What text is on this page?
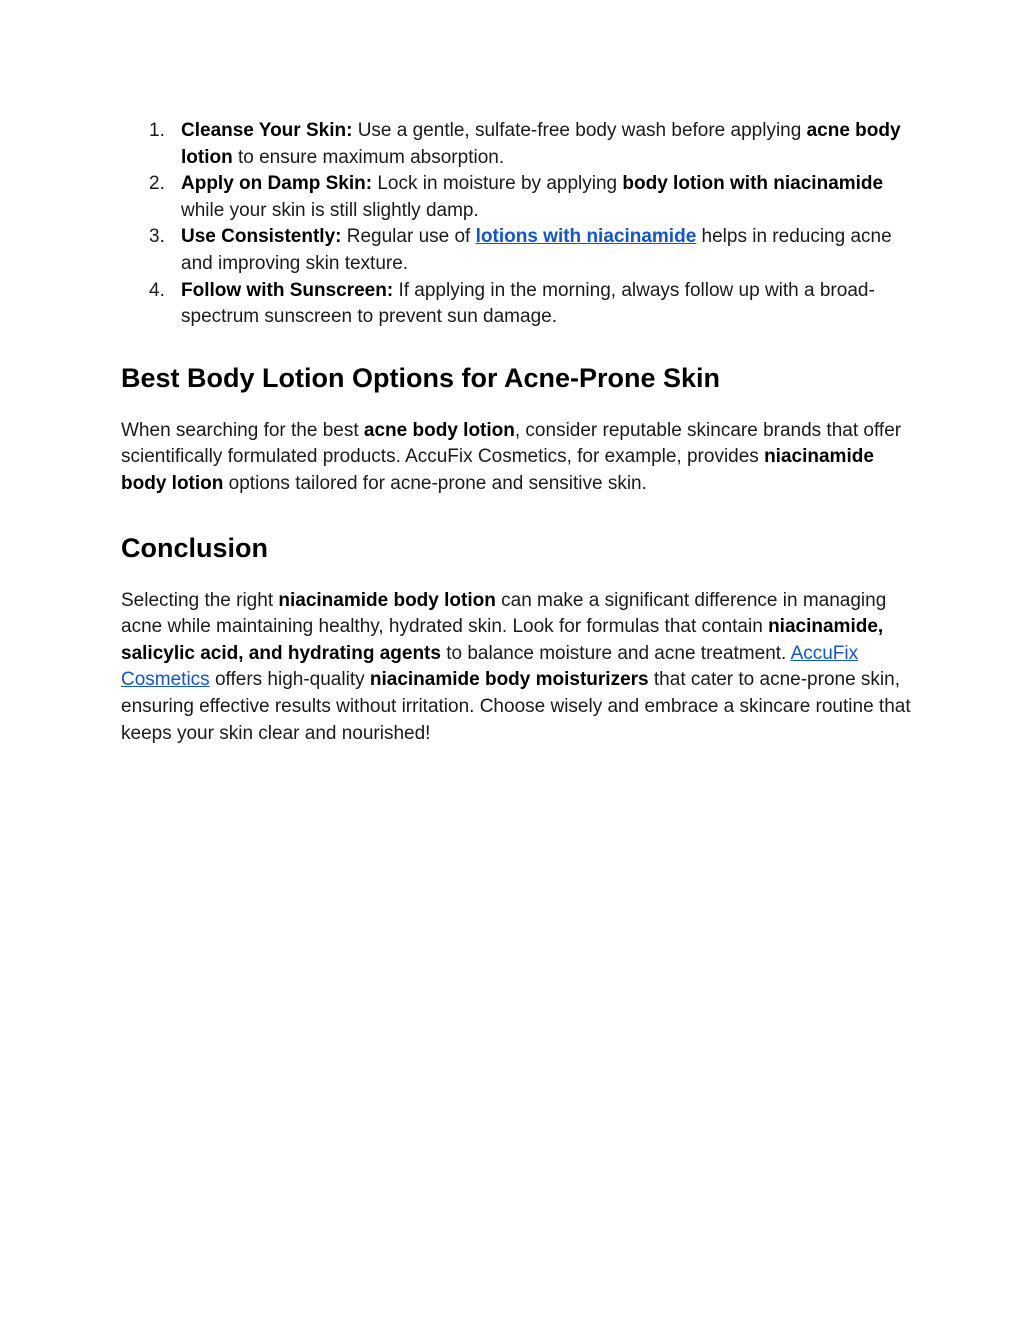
1. Cleanse Your Skin: Use a gentle, sulfate-free body wash before applying acne body lotion to ensure maximum absorption.
2. Apply on Damp Skin: Lock in moisture by applying body lotion with niacinamide while your skin is still slightly damp.
3. Use Consistently: Regular use of lotions with niacinamide helps in reducing acne and improving skin texture.
4. Follow with Sunscreen: If applying in the morning, always follow up with a broad-spectrum sunscreen to prevent sun damage.
Best Body Lotion Options for Acne-Prone Skin

When searching for the best acne body lotion, consider reputable skincare brands that offer scientifically formulated products. AccuFix Cosmetics, for example, provides niacinamide body lotion options tailored for acne-prone and sensitive skin.

Conclusion

Selecting the right niacinamide body lotion can make a significant difference in managing acne while maintaining healthy, hydrated skin. Look for formulas that contain niacinamide, salicylic acid, and hydrating agents to balance moisture and acne treatment. AccuFix Cosmetics offers high-quality niacinamide body moisturizers that cater to acne-prone skin, ensuring effective results without irritation. Choose wisely and embrace a skincare routine that keeps your skin clear and nourished!
